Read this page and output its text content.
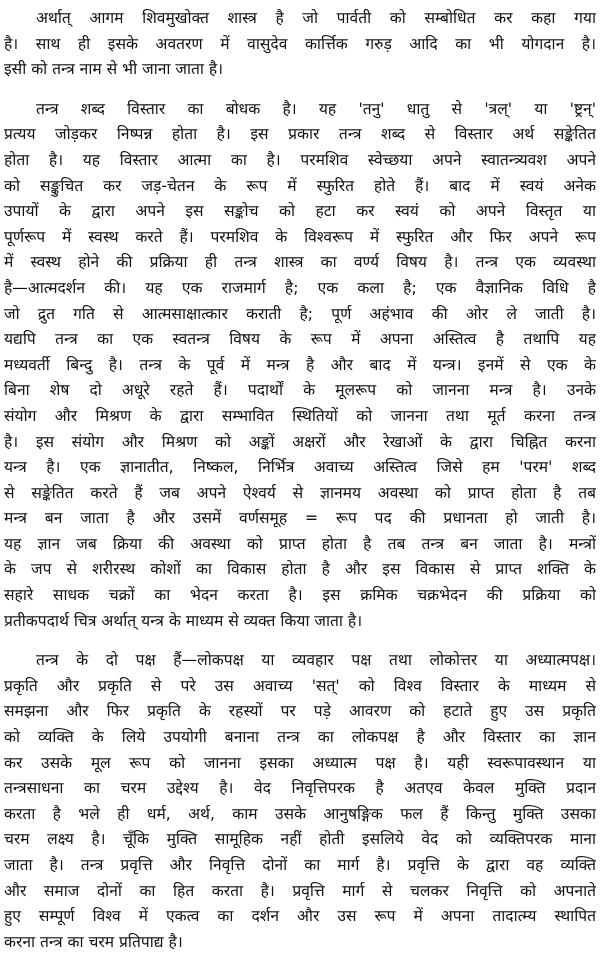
अर्थात् आगम शिवमुखोक्त शास्त्र है जो पार्वती को सम्बोधित कर कहा गया
है। साथ ही इसके अवतरण में वासुदेव कार्त्तिक गरुड़ आदि का भी योगदान है।
इसी को तन्त्र नाम से भी जाना जाता है।
तन्त्र शब्द विस्तार का बोधक है। यह 'तनु' धातु से 'त्रल्' या 'ष्ट्रन्'
प्रत्यय जोड़कर निष्पन्न होता है। इस प्रकार तन्त्र शब्द से विस्तार अर्थ सङ्केतित
होता है। यह विस्तार आत्मा का है। परमशिव स्वेच्छया अपने स्वातन्त्र्यवश अपने
को सङ्कुचित कर जड़-चेतन के रूप में स्फुरित होते हैं। बाद में स्वयं अनेक
उपायों के द्वारा अपने इस सङ्कोच को हटा कर स्वयं को अपने विस्तृत या
पूर्णरूप में स्वस्थ करते हैं। परमशिव के विश्वरूप में स्फुरित और फिर अपने रूप
में स्वस्थ होने की प्रक्रिया ही तन्त्र शास्त्र का वर्ण्य विषय है। तन्त्र एक व्यवस्था
है—आत्मदर्शन की। यह एक राजमार्ग है; एक कला है; एक वैज्ञानिक विधि है
जो द्रुत गति से आत्मसाक्षात्कार कराती है; पूर्ण अहंभाव की ओर ले जाती है।
यद्यपि तन्त्र का एक स्वतन्त्र विषय के रूप में अपना अस्तित्व है तथापि यह
मध्यवर्ती बिन्दु है। तन्त्र के पूर्व में मन्त्र है और बाद में यन्त्र। इनमें से एक के
बिना शेष दो अधूरे रहते हैं। पदार्थों के मूलरूप को जानना मन्त्र है। उनके
संयोग और मिश्रण के द्वारा सम्भावित स्थितियों को जानना तथा मूर्त करना तन्त्र
है। इस संयोग और मिश्रण को अङ्कों अक्षरों और रेखाओं के द्वारा चिह्नित करना
यन्त्र है। एक ज्ञानातीत, निष्कल, निर्भित्र अवाच्य अस्तित्व जिसे हम 'परम' शब्द
से सङ्केतित करते हैं जब अपने ऐश्वर्य से ज्ञानमय अवस्था को प्राप्त होता है तब
मन्त्र बन जाता है और उसमें वर्णसमूह = रूप पद की प्रधानता हो जाती है।
यह ज्ञान जब क्रिया की अवस्था को प्राप्त होता है तब तन्त्र बन जाता है। मन्त्रों
के जप से शरीरस्थ कोशों का विकास होता है और इस विकास से प्राप्त शक्ति के
सहारे साधक चक्रों का भेदन करता है। इस क्रमिक चक्रभेदन की प्रक्रिया को
प्रतीकपदार्थ चित्र अर्थात् यन्त्र के माध्यम से व्यक्त किया जाता है।
तन्त्र के दो पक्ष हैं—लोकपक्ष या व्यवहार पक्ष तथा लोकोत्तर या अध्यात्मपक्ष।
प्रकृति और प्रकृति से परे उस अवाच्य 'सत्' को विश्व विस्तार के माध्यम से
समझना और फिर प्रकृति के रहस्यों पर पड़े आवरण को हटाते हुए उस प्रकृति
को व्यक्ति के लिये उपयोगी बनाना तन्त्र का लोकपक्ष है और विस्तार का ज्ञान
कर उसके मूल रूप को जानना इसका अध्यात्म पक्ष है। यही स्वरूपावस्थान या
तन्त्रसाधना का चरम उद्देश्य है। वेद निवृत्तिपरक है अतएव केवल मुक्ति प्रदान
करता है भले ही धर्म, अर्थ, काम उसके आनुषङ्गिक फल हैं किन्तु मुक्ति उसका
चरम लक्ष्य है। चूँकि मुक्ति सामूहिक नहीं होती इसलिये वेद को व्यक्तिपरक माना
जाता है। तन्त्र प्रवृत्ति और निवृत्ति दोनों का मार्ग है। प्रवृत्ति के द्वारा वह व्यक्ति
और समाज दोनों का हित करता है। प्रवृत्ति मार्ग से चलकर निवृत्ति को अपनाते
हुए सम्पूर्ण विश्व में एकत्व का दर्शन और उस रूप में अपना तादात्म्य स्थापित
करना तन्त्र का चरम प्रतिपाद्य है।
